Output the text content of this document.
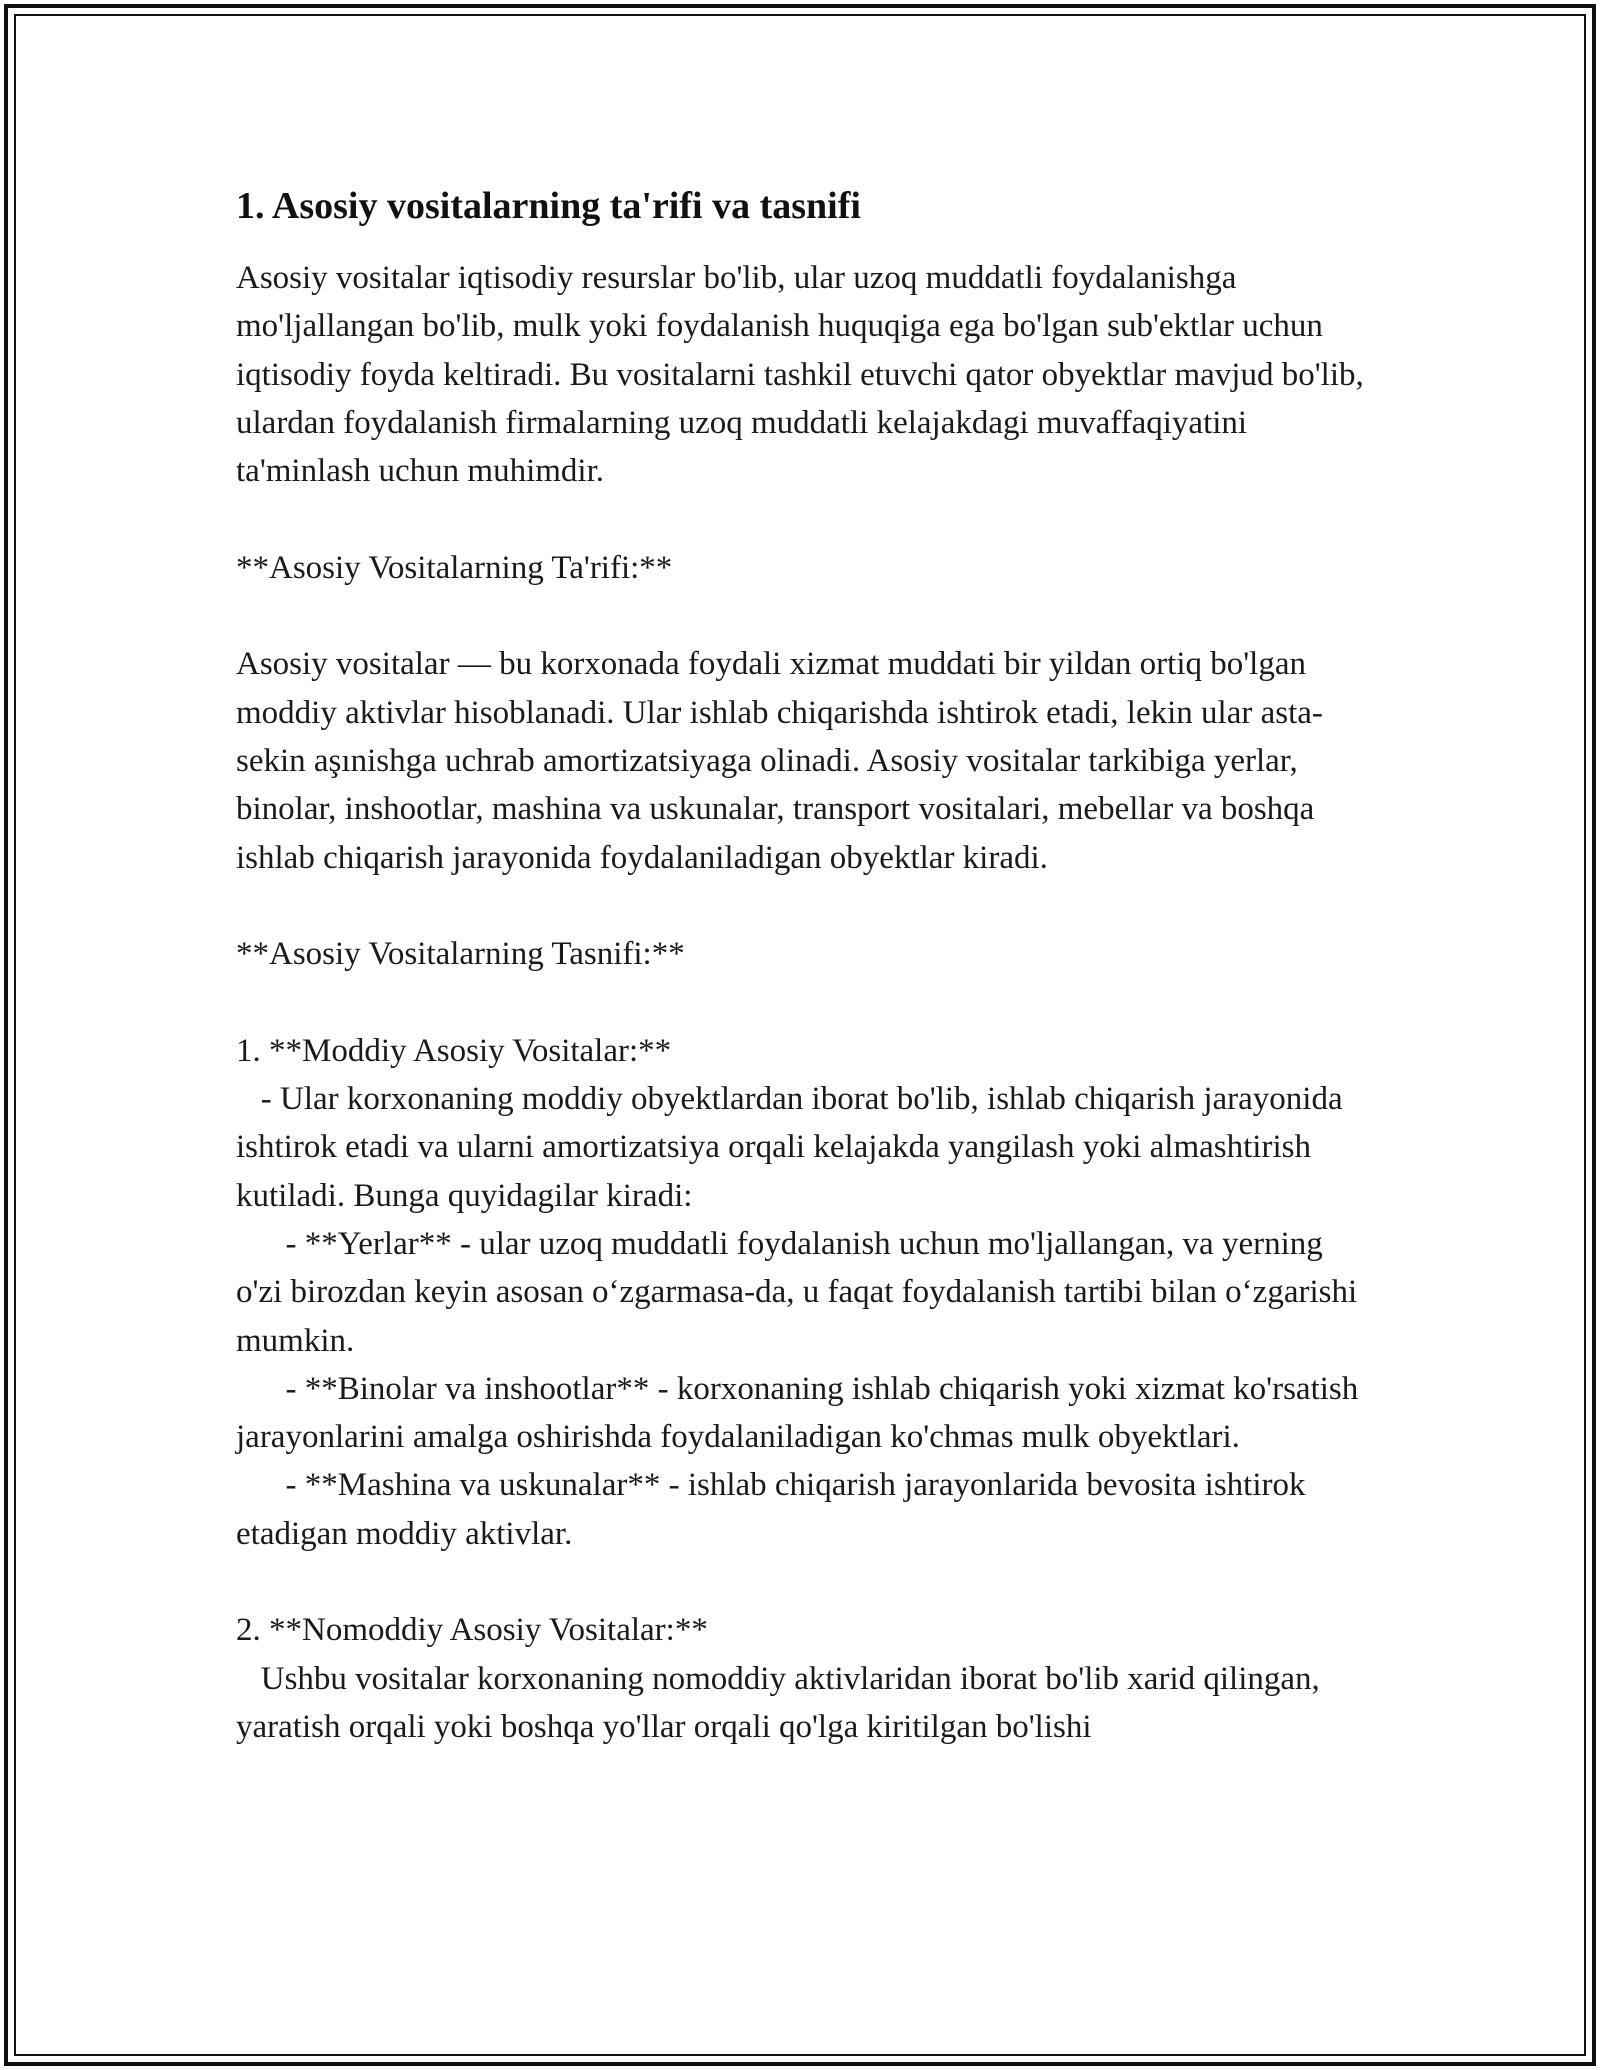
1. Asosiy vositalarning ta'rifi va tasnifi

Asosiy vositalar iqtisodiy resurslar bo'lib, ular uzoq muddatli foydalanishga mo'ljallangan bo'lib, mulk yoki foydalanish huquqiga ega bo'lgan sub'ektlar uchun iqtisodiy foyda keltiradi. Bu vositalarni tashkil etuvchi qator obyektlar mavjud bo'lib, ulardan foydalanish firmalarning uzoq muddatli kelajakdagi muvaffaqiyatini ta'minlash uchun muhimdir.

**Asosiy Vositalarning Ta'rifi:**

Asosiy vositalar — bu korxonada foydali xizmat muddati bir yildan ortiq bo'lgan moddiy aktivlar hisoblanadi. Ular ishlab chiqarishda ishtirok etadi, lekin ular asta-sekin aşınishga uchrab amortizatsiyaga olinadi. Asosiy vositalar tarkibiga yerlar, binolar, inshootlar, mashina va uskunalar, transport vositalari, mebellar va boshqa ishlab chiqarish jarayonida foydalaniladigan obyektlar kiradi.

**Asosiy Vositalarning Tasnifi:**

1. **Moddiy Asosiy Vositalar:**

- Ular korxonaning moddiy obyektlardan iborat bo'lib, ishlab chiqarish jarayonida ishtirok etadi va ularni amortizatsiya orqali kelajakda yangilash yoki almashtirish kutiladi. Bunga quyidagilar kiradi:

- **Yerlar** - ular uzoq muddatli foydalanish uchun mo'ljallangan, va yerning o'zi birozdan keyin asosan oʻzgarmasa-da, u faqat foydalanish tartibi bilan oʻzgarishi mumkin.

- **Binolar va inshootlar** - korxonaning ishlab chiqarish yoki xizmat ko'rsatish jarayonlarini amalga oshirishda foydalaniladigan ko'chmas mulk obyektlari.

- **Mashina va uskunalar** - ishlab chiqarish jarayonlarida bevosita ishtirok etadigan moddiy aktivlar.

2. **Nomoddiy Asosiy Vositalar:**

Ushbu vositalar korxonaning nomoddiy aktivlaridan iborat bo'lib xarid qilingan, yaratish orqali yoki boshqa yo'llar orqali qo'lga kiritilgan bo'lishi
